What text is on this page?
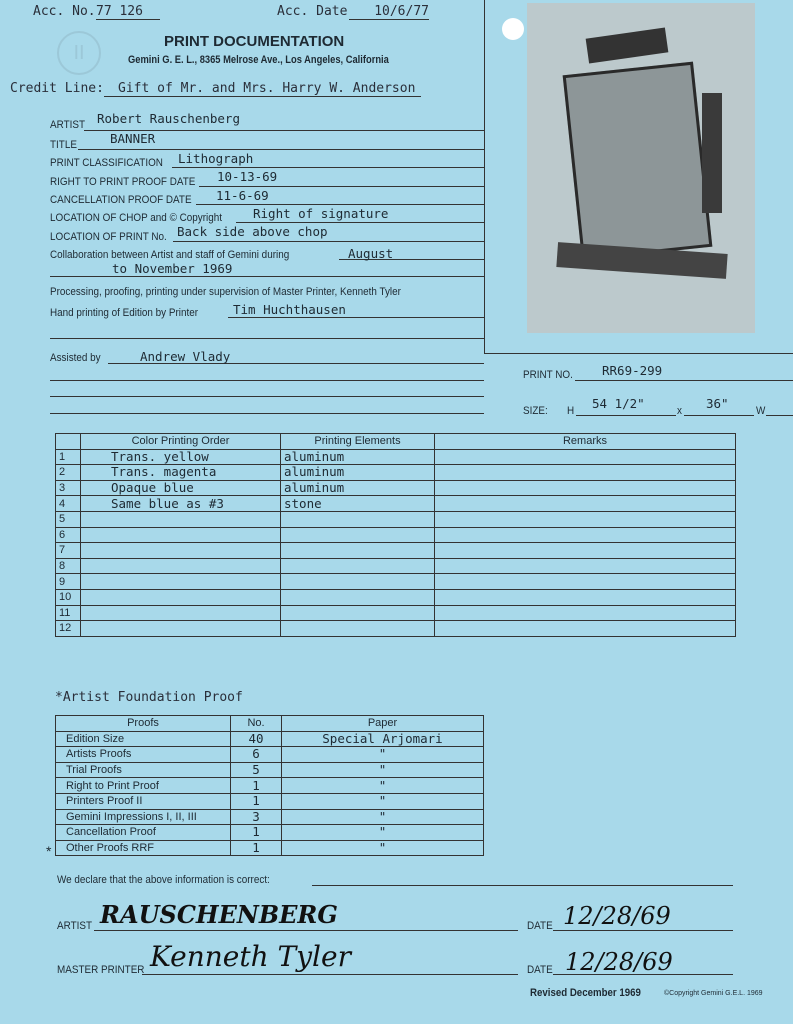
Acc. No. 77 126	Acc. Date	10/6/77
II
PRINT DOCUMENTATION
Gemini G. E. L., 8365 Melrose Ave., Los Angeles, California
Credit Line:	Gift of Mr. and Mrs. Harry W. Anderson
ARTIST Robert Rauschenberg
TITLE	BANNER
PRINT CLASSIFICATION Lithograph
RIGHT TO PRINT PROOF DATE 10-13-69
CANCELLATION PROOF DATE 11-6-69
LOCATION OF CHOP and © Copyright Right of signature
LOCATION OF PRINT No. Back side above chop
Collaboration between Artist and staff of Gemini during	August
to November 1969
Processing, proofing, printing under supervision of Master Printer, Kenneth Tyler
Hand printing of Edition by Printer	Tim Huchthausen
Assisted by	Andrew Vlady
PRINT NO. RR69-299
SIZE: H 54 1/2"	x 36" W
	Color Printing Order	Printing Elements	Remarks
1	Trans. yellow	aluminum	
2	Trans. magenta	aluminum	
3	Opaque blue	aluminum	
4	Same blue as #3	stone	
5			
6			
7			
8			
9			
10			
11			
12			
*Artist Foundation Proof
Proofs	No.	Paper
Edition Size	40	Special Arjomari
Artists Proofs	6	"
Trial Proofs	5	"
Right to Print Proof	1	"
Printers Proof II	1	"
Gemini Impressions I, II, III	3	"
Cancellation Proof	1	"
Other Proofs RRF	1	"
*
We declare that the above information is correct:
ARTIST RAUSCHENBERG	DATE 12/28/69
MASTER PRINTER Kenneth Tyler	DATE 12/28/69
Revised December 1969	©Copyright Gemini G.E.L. 1969
